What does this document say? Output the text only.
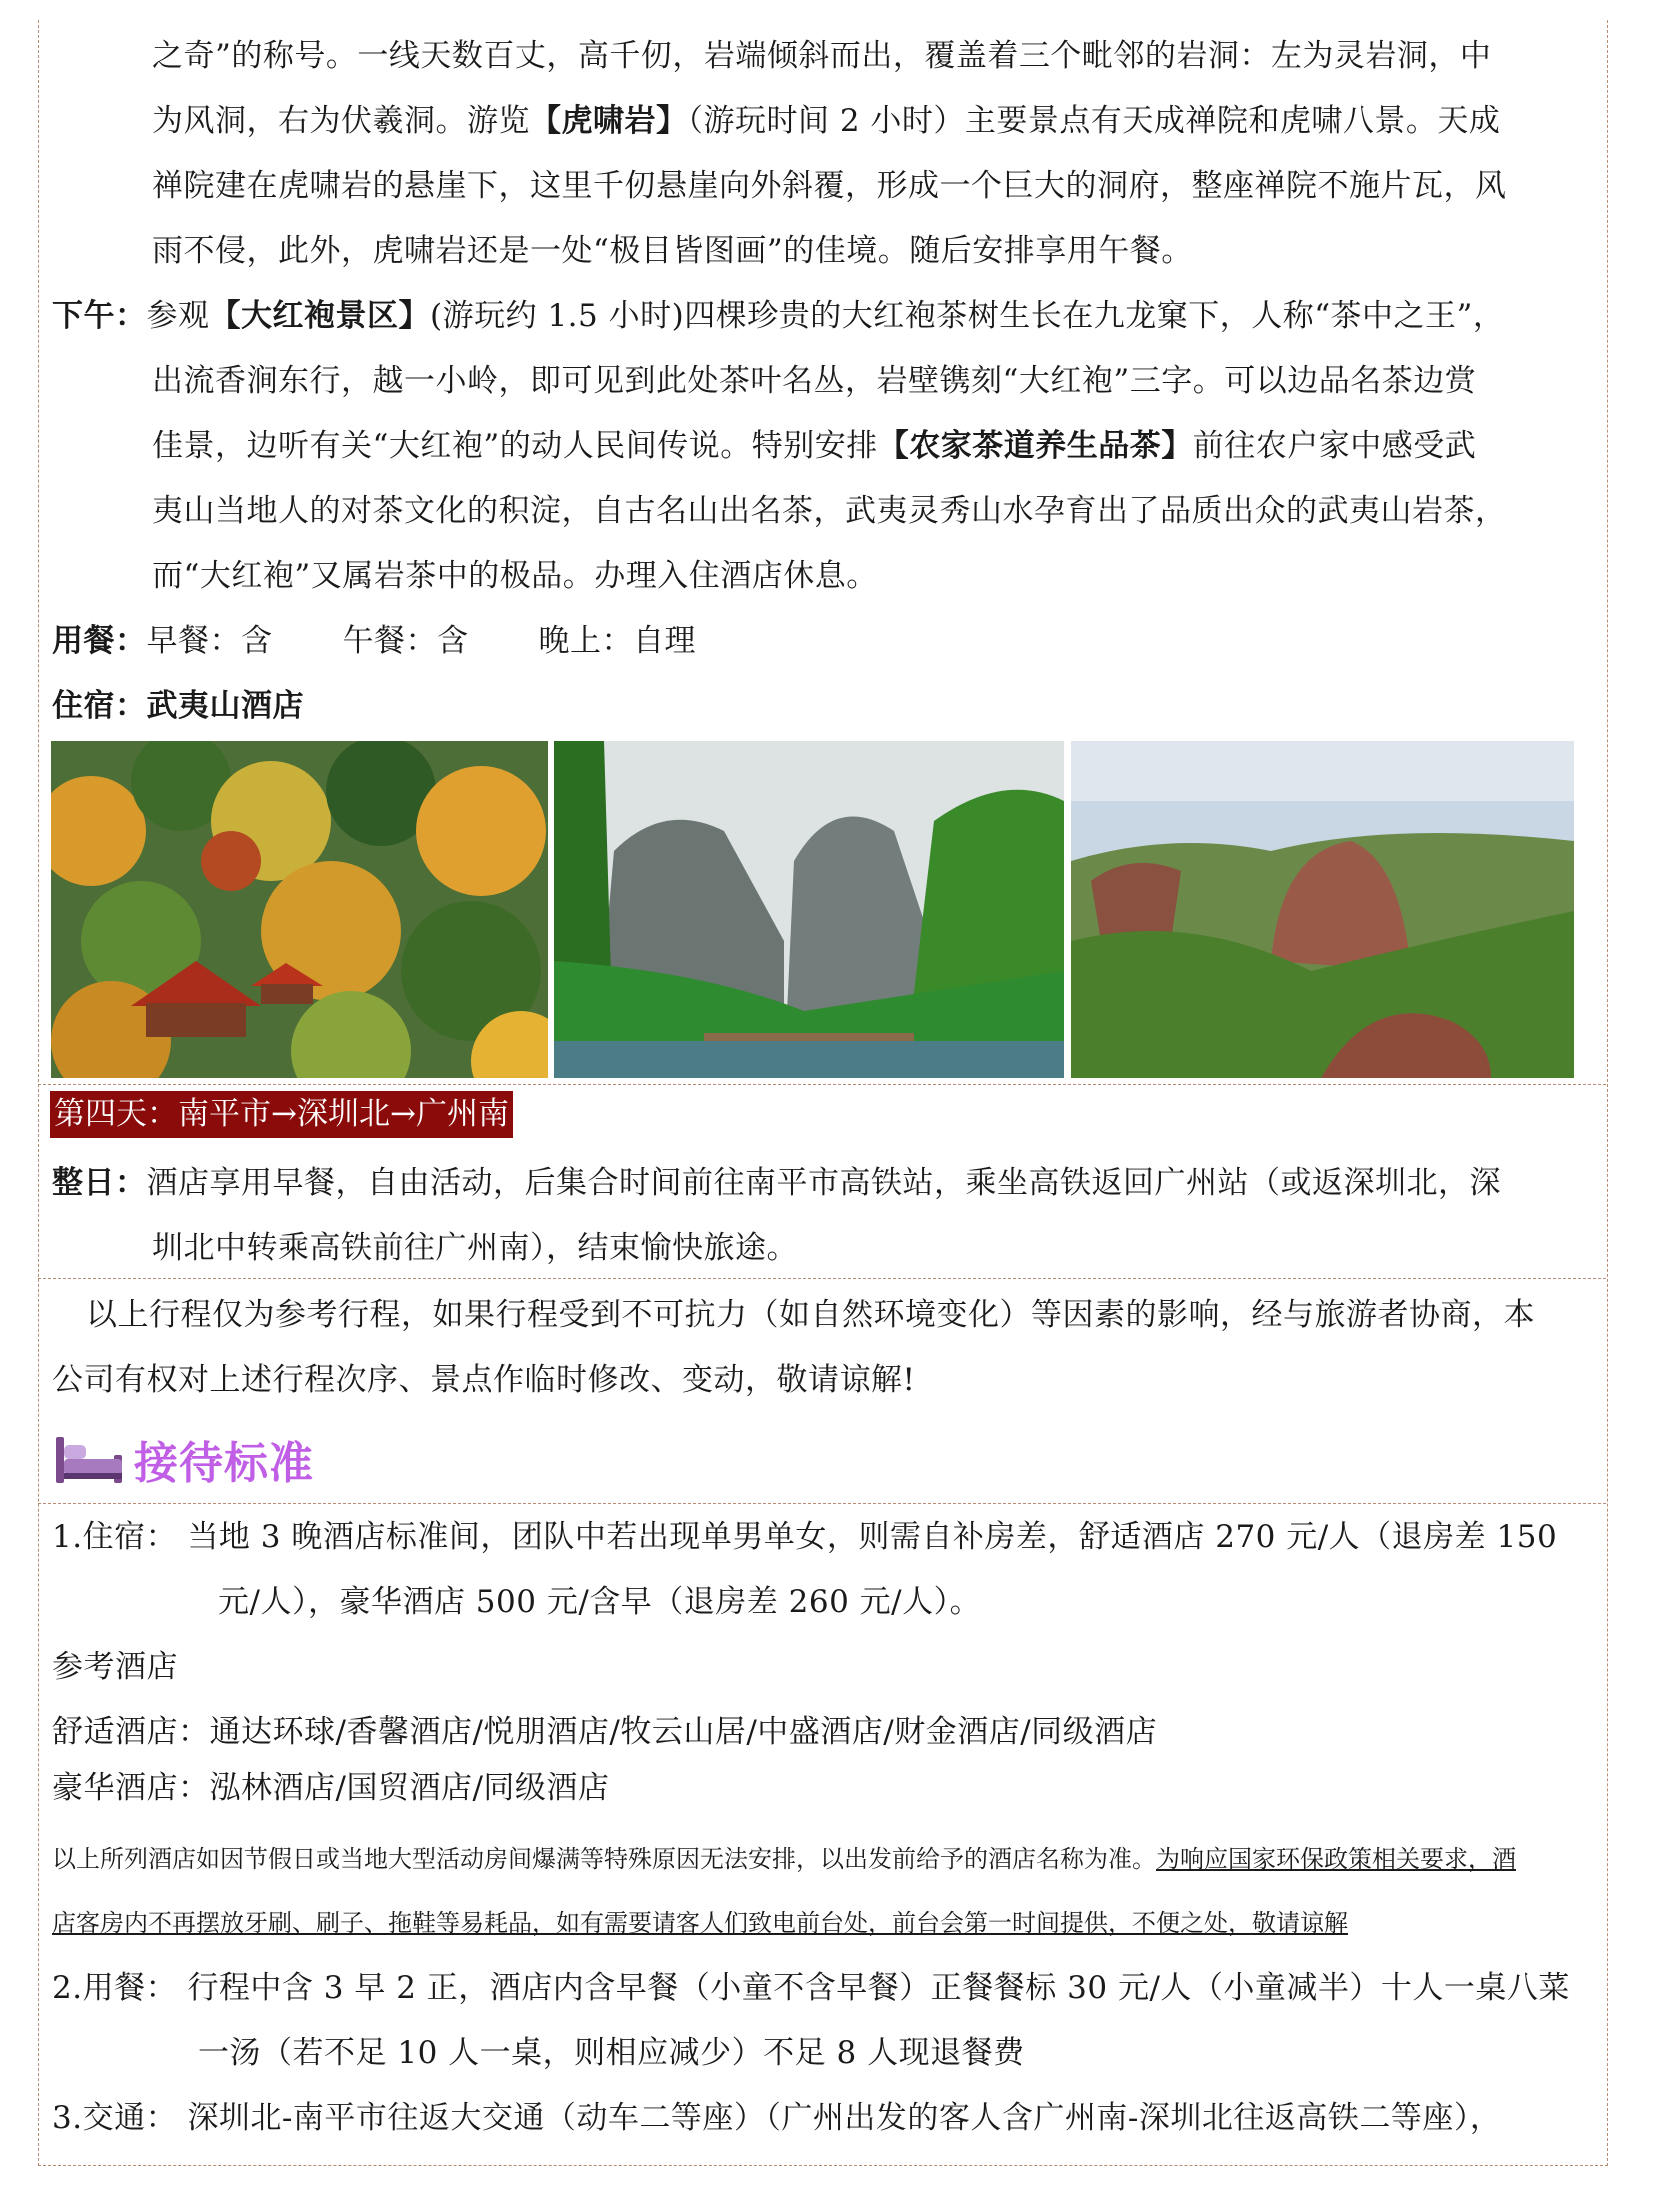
之奇”的称号。一线天数百丈，高千仞，岩端倾斜而出，覆盖着三个毗邻的岩洞：左为灵岩洞，中
为风洞，右为伏羲洞。游览【虎啸岩】（游玩时间 2 小时）主要景点有天成禅院和虎啸八景。天成
禅院建在虎啸岩的悬崖下，这里千仞悬崖向外斜覆，形成一个巨大的洞府，整座禅院不施片瓦，风
雨不侵，此外，虎啸岩还是一处“极目皆图画”的佳境。随后安排享用午餐。
下午：参观【大红袍景区】(游玩约 1.5 小时)四棵珍贵的大红袍茶树生长在九龙窠下，人称“茶中之王”，
出流香涧东行，越一小岭，即可见到此处茶叶名丛，岩壁镌刻“大红袍”三字。可以边品名茶边赏
佳景，边听有关“大红袍”的动人民间传说。特别安排【农家茶道养生品茶】前往农户家中感受武
夷山当地人的对茶文化的积淀，自古名山出名茶，武夷灵秀山水孕育出了品质出众的武夷山岩茶，
而“大红袍”又属岩茶中的极品。办理入住酒店休息。
用餐：早餐：含 午餐：含 晚上：自理
住宿：武夷山酒店
第四天：南平市→深圳北→广州南
整日：酒店享用早餐，自由活动，后集合时间前往南平市高铁站，乘坐高铁返回广州站（或返深圳北，深
圳北中转乘高铁前往广州南），结束愉快旅途。
以上行程仅为参考行程，如果行程受到不可抗力（如自然环境变化）等因素的影响，经与旅游者协商，本
公司有权对上述行程次序、景点作临时修改、变动，敬请谅解!
接待标准
1.住宿： 当地 3 晚酒店标准间，团队中若出现单男单女，则需自补房差，舒适酒店 270 元/人（退房差 150
元/人），豪华酒店 500 元/含早（退房差 260 元/人）。
参考酒店
舒适酒店：通达环球/香馨酒店/悦朋酒店/牧云山居/中盛酒店/财金酒店/同级酒店
豪华酒店：泓林酒店/国贸酒店/同级酒店
以上所列酒店如因节假日或当地大型活动房间爆满等特殊原因无法安排，以出发前给予的酒店名称为准。为响应国家环保政策相关要求，酒
店客房内不再摆放牙刷、刷子、拖鞋等易耗品，如有需要请客人们致电前台处，前台会第一时间提供，不便之处，敬请谅解
2.用餐： 行程中含 3 早 2 正，酒店内含早餐（小童不含早餐）正餐餐标 30 元/人（小童减半）十人一桌八菜
一汤（若不足 10 人一桌，则相应减少）不足 8 人现退餐费
3.交通： 深圳北-南平市往返大交通（动车二等座）（广州出发的客人含广州南-深圳北往返高铁二等座），
